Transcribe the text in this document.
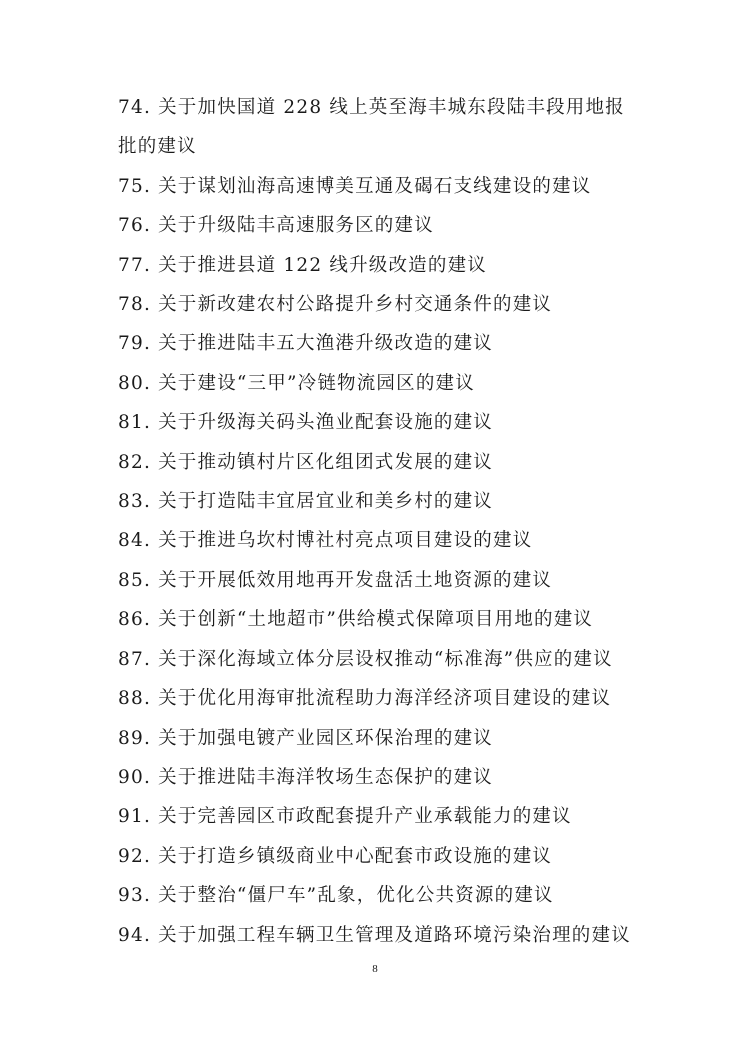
74. 关于加快国道 228 线上英至海丰城东段陆丰段用地报批的建议
75. 关于谋划汕海高速博美互通及碣石支线建设的建议
76. 关于升级陆丰高速服务区的建议
77. 关于推进县道 122 线升级改造的建议
78. 关于新改建农村公路提升乡村交通条件的建议
79. 关于推进陆丰五大渔港升级改造的建议
80. 关于建设“三甲”冷链物流园区的建议
81. 关于升级海关码头渔业配套设施的建议
82. 关于推动镇村片区化组团式发展的建议
83. 关于打造陆丰宜居宜业和美乡村的建议
84. 关于推进乌坎村博社村亮点项目建设的建议
85. 关于开展低效用地再开发盘活土地资源的建议
86. 关于创新“土地超市”供给模式保障项目用地的建议
87. 关于深化海域立体分层设权推动“标准海”供应的建议
88. 关于优化用海审批流程助力海洋经济项目建设的建议
89. 关于加强电镀产业园区环保治理的建议
90. 关于推进陆丰海洋牧场生态保护的建议
91. 关于完善园区市政配套提升产业承载能力的建议
92. 关于打造乡镇级商业中心配套市政设施的建议
93. 关于整治“僵尸车”乱象，优化公共资源的建议
94. 关于加强工程车辆卫生管理及道路环境污染治理的建议
8
